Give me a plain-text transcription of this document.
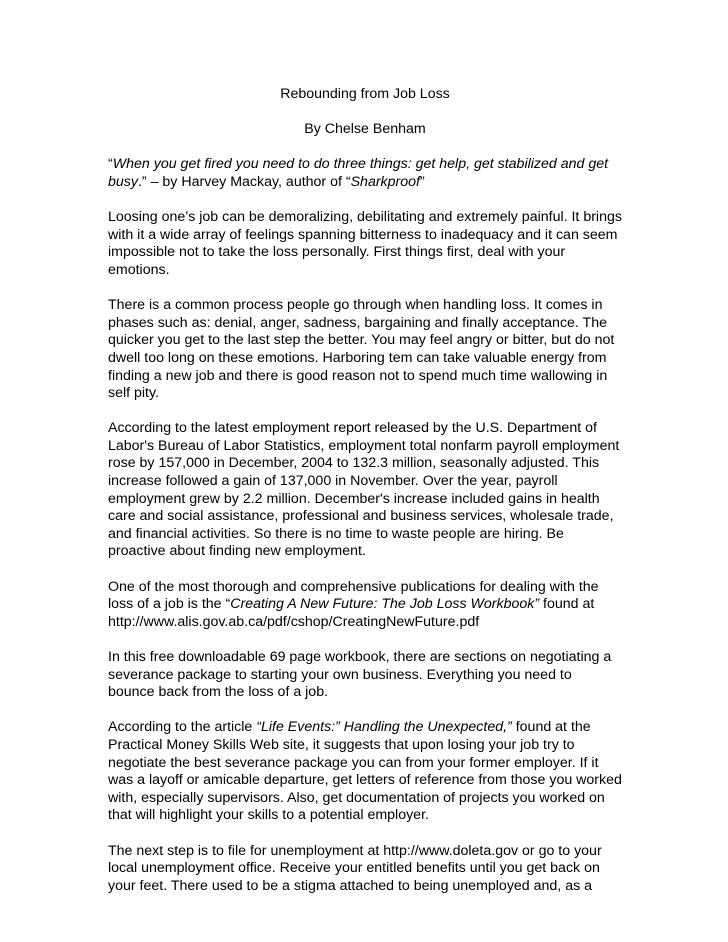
Rebounding from Job Loss

By Chelse Benham

“When you get fired you need to do three things: get help, get stabilized and get busy.” – by Harvey Mackay, author of “Sharkproof”

Loosing one’s job can be demoralizing, debilitating and extremely painful. It brings with it a wide array of feelings spanning bitterness to inadequacy and it can seem impossible not to take the loss personally. First things first, deal with your emotions.

There is a common process people go through when handling loss. It comes in phases such as: denial, anger, sadness, bargaining and finally acceptance. The quicker you get to the last step the better. You may feel angry or bitter, but do not dwell too long on these emotions. Harboring tem can take valuable energy from finding a new job and there is good reason not to spend much time wallowing in self pity.

According to the latest employment report released by the U.S. Department of Labor's Bureau of Labor Statistics, employment total nonfarm payroll employment rose by 157,000 in December, 2004 to 132.3 million, seasonally adjusted. This increase followed a gain of 137,000 in November. Over the year, payroll employment grew by 2.2 million. December's increase included gains in health care and social assistance, professional and business services, wholesale trade, and financial activities. So there is no time to waste people are hiring. Be proactive about finding new employment.

One of the most thorough and comprehensive publications for dealing with the loss of a job is the “Creating A New Future: The Job Loss Workbook” found at http://www.alis.gov.ab.ca/pdf/cshop/CreatingNewFuture.pdf

In this free downloadable 69 page workbook, there are sections on negotiating a severance package to starting your own business. Everything you need to bounce back from the loss of a job.

According to the article “Life Events:” Handling the Unexpected,” found at the Practical Money Skills Web site, it suggests that upon losing your job try to negotiate the best severance package you can from your former employer. If it was a layoff or amicable departure, get letters of reference from those you worked with, especially supervisors. Also, get documentation of projects you worked on that will highlight your skills to a potential employer.

The next step is to file for unemployment at http://www.doleta.gov or go to your local unemployment office. Receive your entitled benefits until you get back on your feet. There used to be a stigma attached to being unemployed and, as a
